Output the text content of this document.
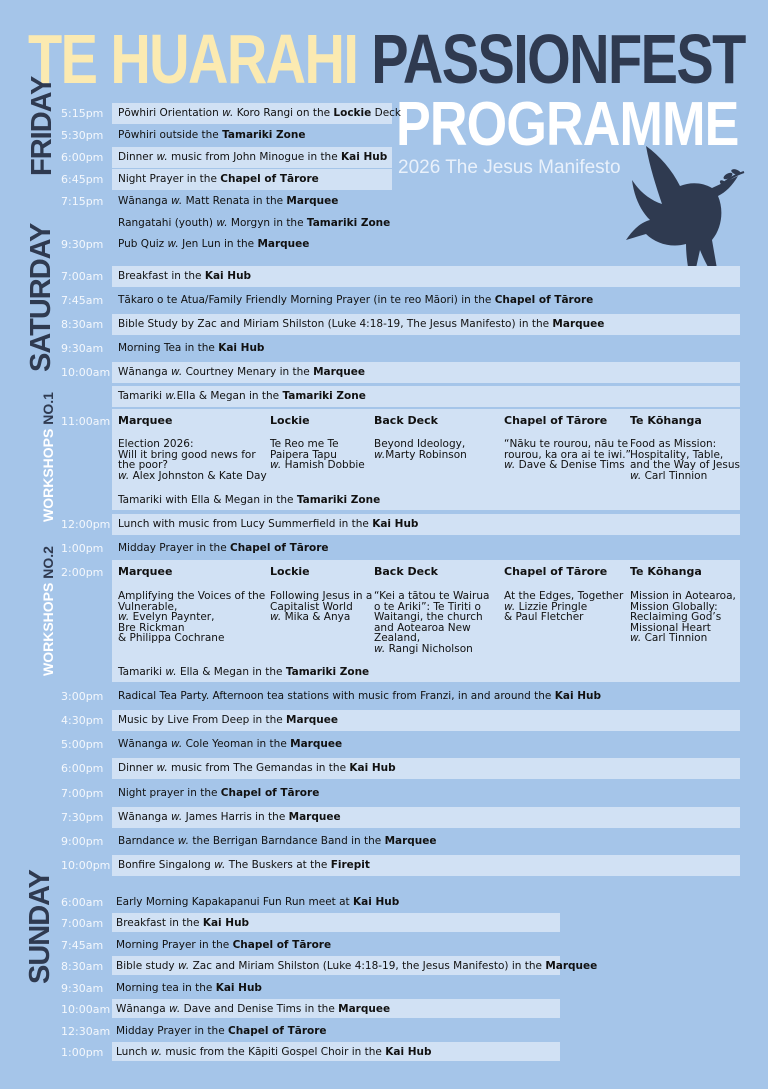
TE HUARAHI PASSIONFEST
PROGRAMME
2026 The Jesus Manifesto
FRIDAY
SATURDAY
WORKSHOPS NO.1
WORKSHOPS NO.2
SUNDAY
11:00am Marquee
Election 2026:
Will it bring good news for
the poor?
w. Alex Johnston & Kate Day
Lockie
Te Reo me Te
Paipera Tapu
w. Hamish Dobbie
Back Deck
Beyond Ideology,
w.Marty Robinson
Chapel of Tārore
“Nāku te rourou, nāu te
rourou, ka ora ai te iwi.”
w. Dave & Denise Tims
Te Kōhanga
Food as Mission:
Hospitality, Table,
and the Way of Jesus
w. Carl Tinnion
Tamariki with Ella & Megan in the Tamariki Zone
2:00pm Marquee
Amplifying the Voices of the
Vulnerable,
w. Evelyn Paynter,
Bre Rickman
& Philippa Cochrane
Lockie
Following Jesus in a
Capitalist World
w. Mika & Anya
Back Deck
“Kei a tātou te Wairua
o te Ariki”: Te Tiriti o
Waitangi, the church
and Aotearoa New
Zealand,
w. Rangi Nicholson
Chapel of Tārore
At the Edges, Together
w. Lizzie Pringle
& Paul Fletcher
Te Kōhanga
Mission in Aotearoa,
Mission Globally:
Reclaiming God’s
Missional Heart
w. Carl Tinnion
Tamariki w. Ella & Megan in the Tamariki Zone
5:15pm Pōwhiri Orientation w. Koro Rangi on the Lockie Deck
5:30pm Pōwhiri outside the Tamariki Zone
6:00pm Dinner w. music from John Minogue in the Kai Hub
6:45pm Night Prayer in the Chapel of Tārore
7:15pm Wānanga w. Matt Renata in the Marquee
Rangatahi (youth) w. Morgyn in the Tamariki Zone
9:30pm Pub Quiz w. Jen Lun in the Marquee
7:00am Breakfast in the Kai Hub
7:45am Tākaro o te Atua/Family Friendly Morning Prayer (in te reo Māori) in the Chapel of Tārore
8:30am Bible Study by Zac and Miriam Shilston (Luke 4:18-19, The Jesus Manifesto) in the Marquee
9:30am Morning Tea in the Kai Hub
10:00am Wānanga w. Courtney Menary in the Marquee
Tamariki w.Ella & Megan in the Tamariki Zone
12:00pm Lunch with music from Lucy Summerfield in the Kai Hub
1:00pm Midday Prayer in the Chapel of Tārore
3:00pm Radical Tea Party. Afternoon tea stations with music from Franzi, in and around the Kai Hub
4:30pm Music by Live From Deep in the Marquee
5:00pm Wānanga w. Cole Yeoman in the Marquee
6:00pm Dinner w. music from The Gemandas in the Kai Hub
7:00pm Night prayer in the Chapel of Tārore
7:30pm Wānanga w. James Harris in the Marquee
9:00pm Barndance w. the Berrigan Barndance Band in the Marquee
10:00pm Bonfire Singalong w. The Buskers at the Firepit
6:00am Early Morning Kapakapanui Fun Run meet at Kai Hub
7:00am Breakfast in the Kai Hub
7:45am Morning Prayer in the Chapel of Tārore
8:30am Bible study w. Zac and Miriam Shilston (Luke 4:18-19, the Jesus Manifesto) in the Marquee
9:30am Morning tea in the Kai Hub
10:00am Wānanga w. Dave and Denise Tims in the Marquee
12:30am Midday Prayer in the Chapel of Tārore
1:00pm Lunch w. music from the Kāpiti Gospel Choir in the Kai Hub
